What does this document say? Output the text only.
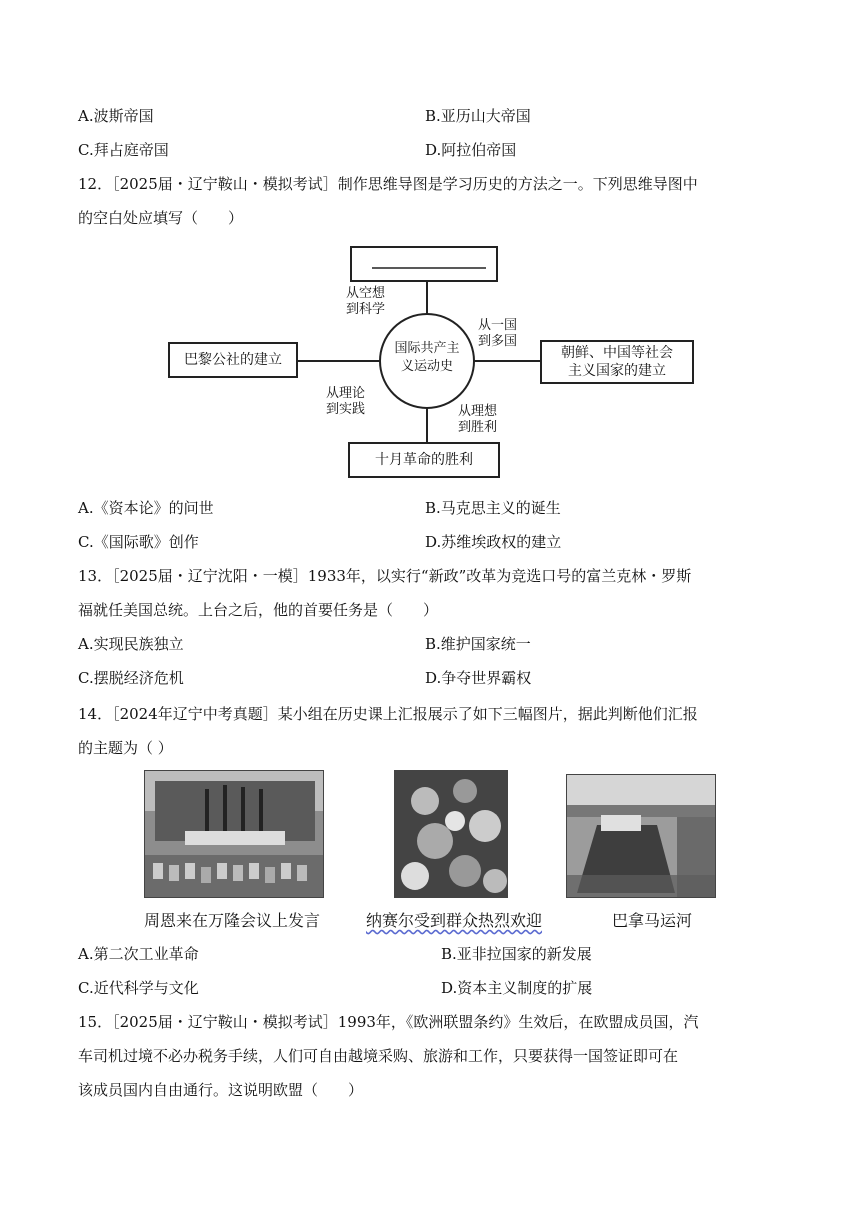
A.波斯帝国	B.亚历山大帝国
C.拜占庭帝国	D.阿拉伯帝国
12．［2025届・辽宁鞍山・模拟考试］制作思维导图是学习历史的方法之一。下列思维导图中
的空白处应填写（　　）
巴黎公社的建立	朝鲜、中国等社会
主义国家的建立
十月革命的胜利
国际共产主
义运动史
从空想
到科学
从一国
到多国
从理论
到实践	从理想
到胜利
A.《资本论》的问世	B.马克思主义的诞生
C.《国际歌》创作	D.苏维埃政权的建立
13．［2025届・辽宁沈阳・一模］1933年，以实行“新政”改革为竞选口号的富兰克林・罗斯
福就任美国总统。上台之后，他的首要任务是（　　）
A.实现民族独立	B.维护国家统一
C.摆脱经济危机	D.争夺世界霸权
14．［2024年辽宁中考真题］某小组在历史课上汇报展示了如下三幅图片，据此判断他们汇报
的主题为（ ）
周恩来在万隆会议上发言	纳赛尔受到群众热烈欢迎	巴拿马运河
A.第二次工业革命	B.亚非拉国家的新发展
C.近代科学与文化	D.资本主义制度的扩展
15．［2025届・辽宁鞍山・模拟考试］1993年，《欧洲联盟条约》生效后，在欧盟成员国，汽
车司机过境不必办税务手续，人们可自由越境采购、旅游和工作，只要获得一国签证即可在
该成员国内自由通行。这说明欧盟（　　）
